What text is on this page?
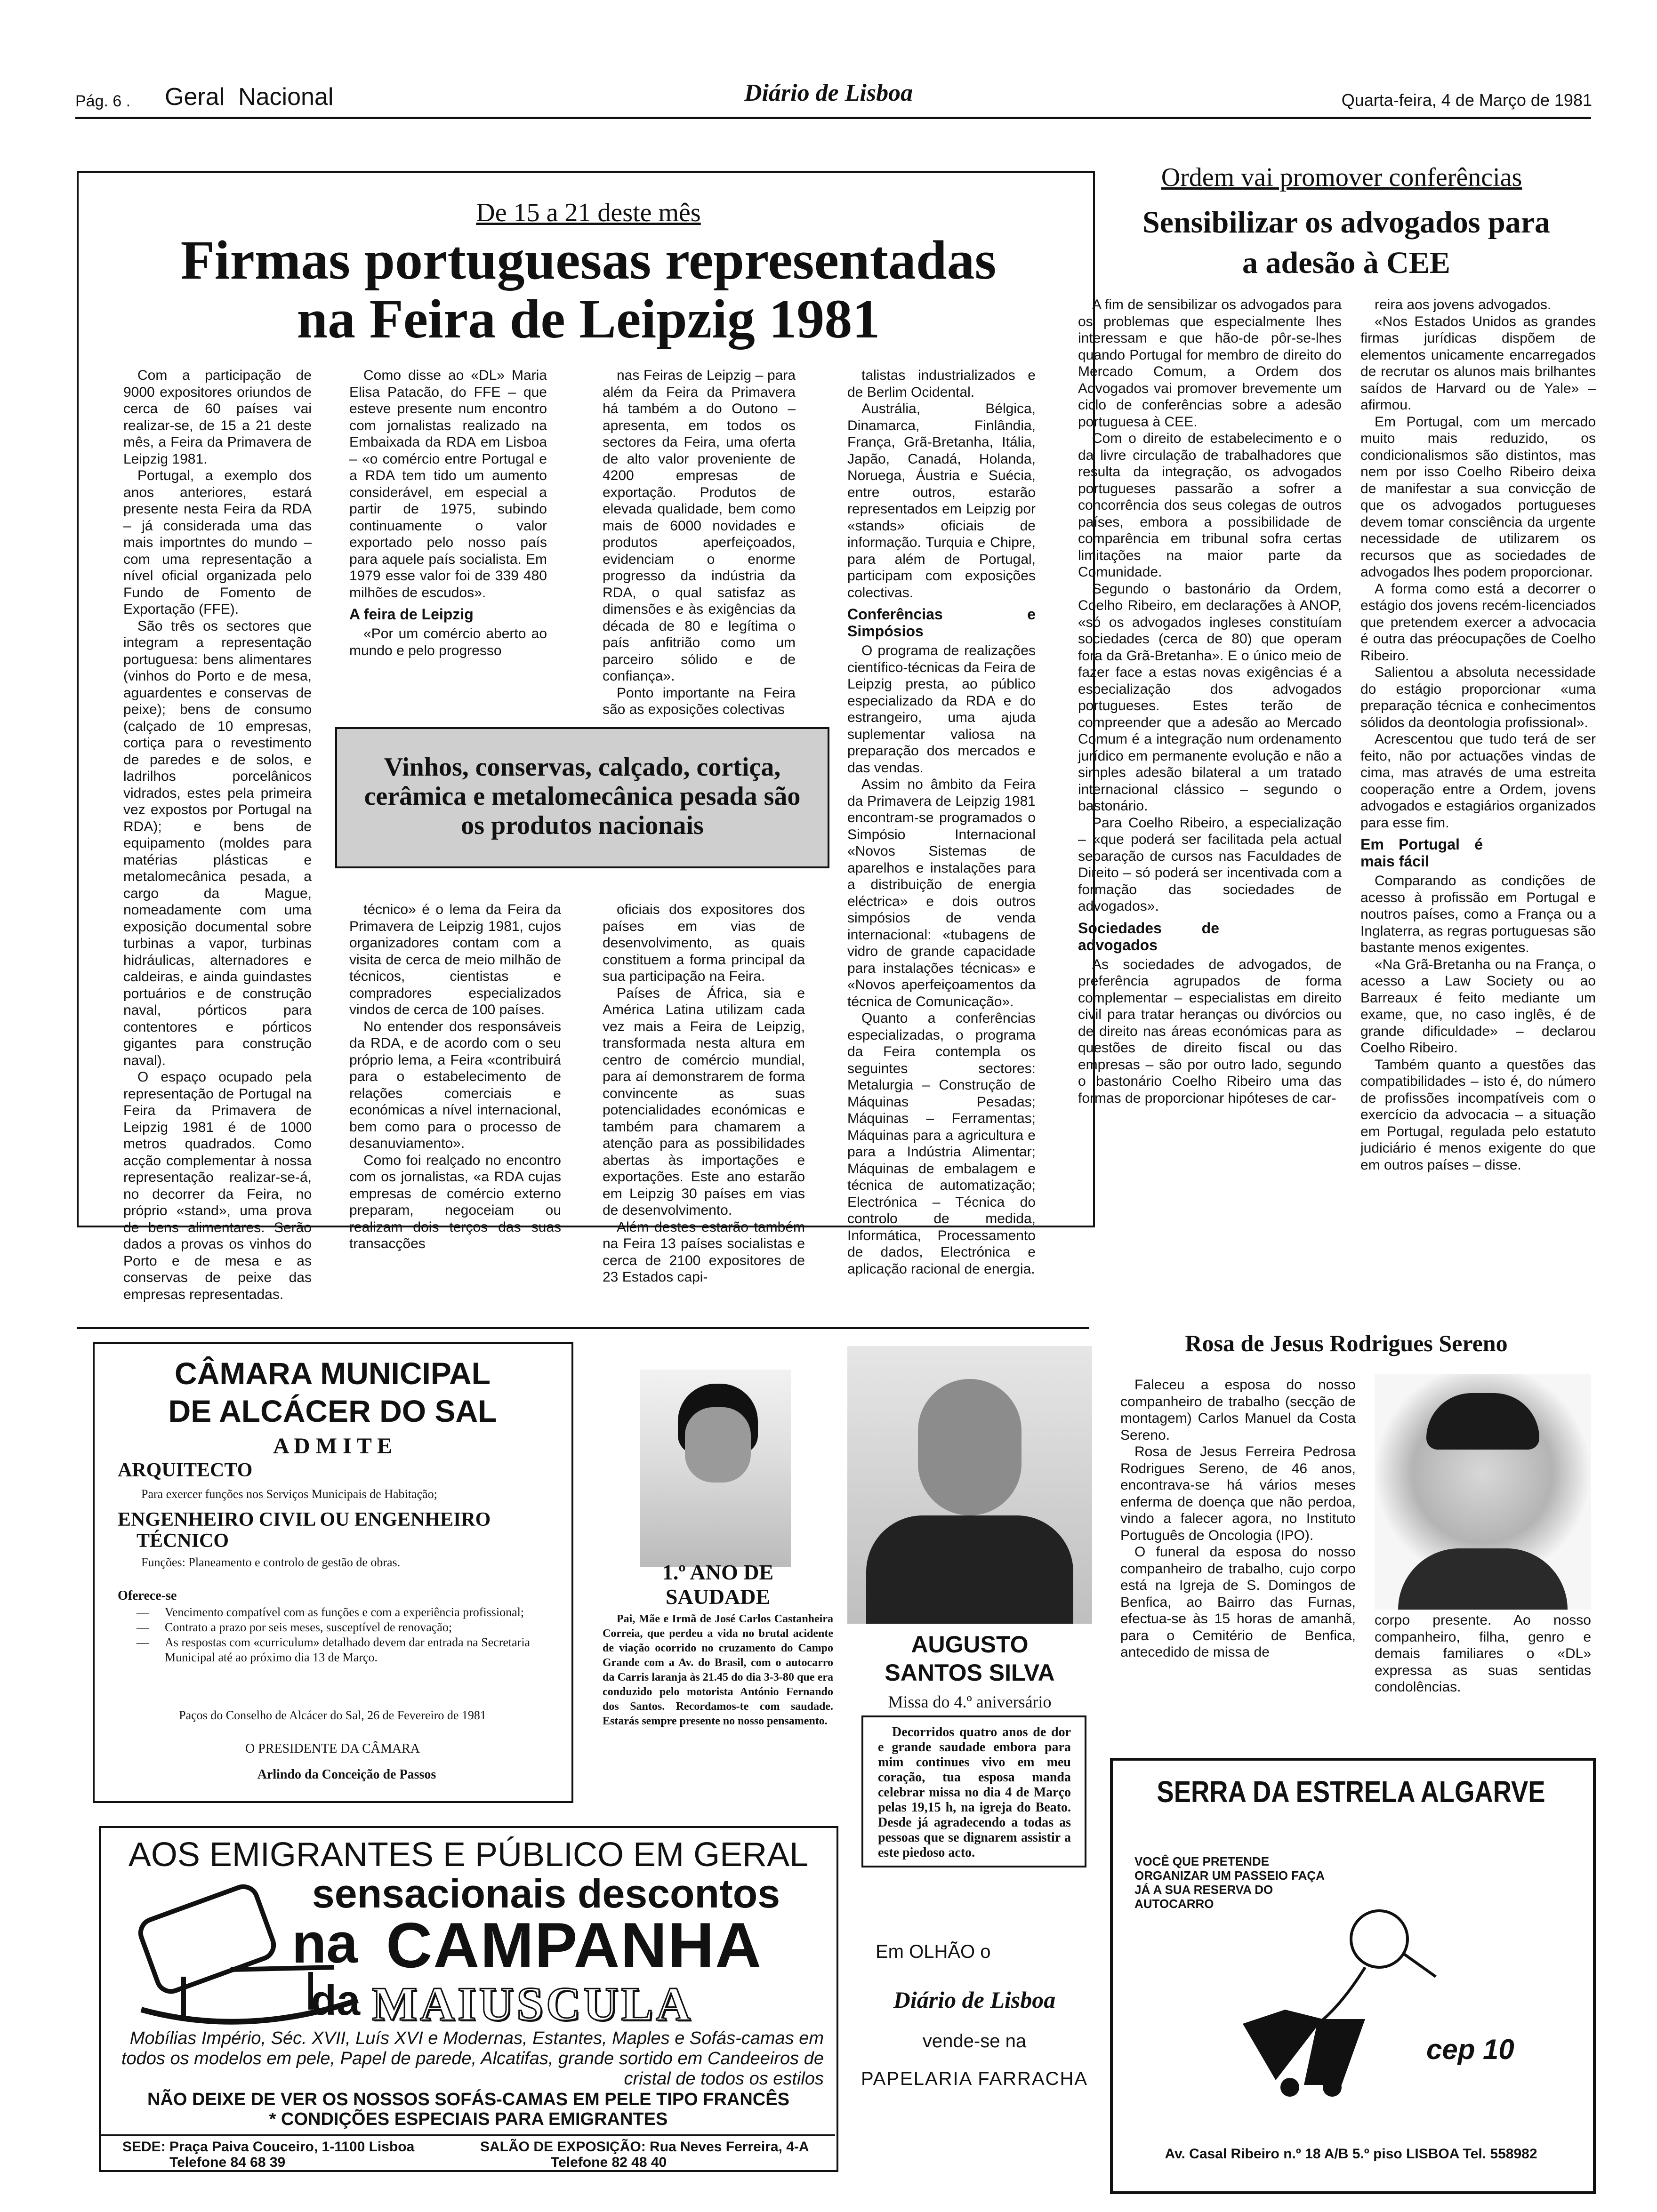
Pág. 6 . Geral  Nacional	Diário de Lisboa	Quarta-feira, 4 de Março de 1981
De 15 a 21 deste mês
Firmas portuguesas representadas
na Feira de Leipzig 1981

Com a participação de 9000 expositores oriundos de cerca de 60 países vai realizar-se, de 15 a 21 deste mês, a Feira da Primavera de Leipzig 1981.

Portugal, a exemplo dos anos anteriores, estará presente nesta Feira da RDA – já considerada uma das mais importntes do mundo – com uma representação a nível oficial organizada pelo Fundo de Fomento de Exportação (FFE).

São três os sectores que integram a representação portuguesa: bens alimentares (vinhos do Porto e de mesa, aguardentes e conservas de peixe); bens de consumo (calçado de 10 empresas, cortiça para o revestimento de paredes e de solos, e ladrilhos porcelânicos vidrados, estes pela primeira vez expostos por Portugal na RDA); e bens de equipamento (moldes para matérias plásticas e metalomecânica pesada, a cargo da Mague, nomeadamente com uma exposição documental sobre turbinas a vapor, turbinas hidráulicas, alternadores e caldeiras, e ainda guindastes portuários e de construção naval, pórticos para contentores e pórticos gigantes para construção naval).

O espaço ocupado pela representação de Portugal na Feira da Primavera de Leipzig 1981 é de 1000 metros quadrados. Como acção complementar à nossa representação realizar-se-á, no decorrer da Feira, no próprio «stand», uma prova de bens alimentares. Serão dados a provas os vinhos do Porto e de mesa e as conservas de peixe das empresas representadas.

Como disse ao «DL» Maria Elisa Patacão, do FFE – que esteve presente num encontro com jornalistas realizado na Embaixada da RDA em Lisboa – «o comércio entre Portugal e a RDA tem tido um aumento considerável, em especial a partir de 1975, subindo continuamente o valor exportado pelo nosso país para aquele país socialista. Em 1979 esse valor foi de 339 480 milhões de escudos».

A feira de Leipzig

«Por um comércio aberto ao mundo e pelo progresso

nas Feiras de Leipzig – para além da Feira da Primavera há também a do Outono – apresenta, em todos os sectores da Feira, uma oferta de alto valor proveniente de 4200 empresas de exportação. Produtos de elevada qualidade, bem como mais de 6000 novidades e produtos aperfeiçoados, evidenciam o enorme progresso da indústria da RDA, o qual satisfaz as dimensões e às exigências da década de 80 e legítima o país anfitrião como um parceiro sólido e de confiança».

Ponto importante na Feira são as exposições colectivas

talistas industrializados e de Berlim Ocidental.

Austrália, Bélgica, Dinamarca, Finlândia, França, Grã-Bretanha, Itália, Japão, Canadá, Holanda, Noruega, Áustria e Suécia, entre outros, estarão representados em Leipzig por «stands» oficiais de informação. Turquia e Chipre, para além de Portugal, participam com exposições colectivas.

Conferências e Simpósios

O programa de realizações científico-técnicas da Feira de Leipzig presta, ao público especializado da RDA e do estrangeiro, uma ajuda suplementar valiosa na preparação dos mercados e das vendas.

Assim no âmbito da Feira da Primavera de Leipzig 1981 encontram-se programados o Simpósio Internacional «Novos Sistemas de aparelhos e instalações para a distribuição de energia eléctrica» e dois outros simpósios de venda internacional: «tubagens de vidro de grande capacidade para instalações técnicas» e «Novos aperfeiçoamentos da técnica de Comunicação».

Quanto a conferências especializadas, o programa da Feira contempla os seguintes sectores: Metalurgia – Construção de Máquinas Pesadas; Máquinas – Ferramentas; Máquinas para a agricultura e para a Indústria Alimentar; Máquinas de embalagem e técnica de automatização; Electrónica – Técnica do controlo de medida, Informática, Processamento de dados, Electrónica e aplicação racional de energia.

Vinhos, conservas, calçado, cortiça, cerâmica e metalomecânica pesada são os produtos nacionais

técnico» é o lema da Feira da Primavera de Leipzig 1981, cujos organizadores contam com a visita de cerca de meio milhão de técnicos, cientistas e compradores especializados vindos de cerca de 100 países.

No entender dos responsáveis da RDA, e de acordo com o seu próprio lema, a Feira «contribuirá para o estabelecimento de relações comerciais e económicas a nível internacional, bem como para o processo de desanuviamento».

Como foi realçado no encontro com os jornalistas, «a RDA cujas empresas de comércio externo preparam, negoceiam ou realizam dois terços das suas transacções

oficiais dos expositores dos países em vias de desenvolvimento, as quais constituem a forma principal da sua participação na Feira.

Países de África, sia e América Latina utilizam cada vez mais a Feira de Leipzig, transformada nesta altura em centro de comércio mundial, para aí demonstrarem de forma convincente as suas potencialidades económicas e também para chamarem a atenção para as possibilidades abertas às importações e exportações. Este ano estarão em Leipzig 30 países em vias de desenvolvimento.

Além destes estarão também na Feira 13 países socialistas e cerca de 2100 expositores de 23 Estados capi-

Ordem vai promover conferências
Sensibilizar os advogados para a adesão à CEE

A fim de sensibilizar os advogados para os problemas que especialmente lhes interessam e que hão-de pôr-se-lhes quando Portugal for membro de direito do Mercado Comum, a Ordem dos Advogados vai promover brevemente um ciclo de conferências sobre a adesão portuguesa à CEE.

Com o direito de estabelecimento e o da livre circulação de trabalhadores que resulta da integração, os advogados portugueses passarão a sofrer a concorrência dos seus colegas de outros países, embora a possibilidade de comparência em tribunal sofra certas limitações na maior parte da Comunidade.

Segundo o bastonário da Ordem, Coelho Ribeiro, em declarações à ANOP, «só os advogados ingleses constituíam sociedades (cerca de 80) que operam fora da Grã-Bretanha». E o único meio de fazer face a estas novas exigências é a especialização dos advogados portugueses. Estes terão de compreender que a adesão ao Mercado Comum é a integração num ordenamento jurídico em permanente evolução e não a simples adesão bilateral a um tratado internacional clássico – segundo o bastonário.

Para Coelho Ribeiro, a especialização – «que poderá ser facilitada pela actual separação de cursos nas Faculdades de Direito – só poderá ser incentivada com a formação das sociedades de advogados».

Sociedades de advogados

As sociedades de advogados, de preferência agrupados de forma complementar – especialistas em direito civil para tratar heranças ou divórcios ou de direito nas áreas económicas para as questões de direito fiscal ou das empresas – são por outro lado, segundo o bastonário Coelho Ribeiro uma das formas de proporcionar hipóteses de car-

reira aos jovens advogados.

«Nos Estados Unidos as grandes firmas jurídicas dispõem de elementos unicamente encarregados de recrutar os alunos mais brilhantes saídos de Harvard ou de Yale» – afirmou.

Em Portugal, com um mercado muito mais reduzido, os condicionalismos são distintos, mas nem por isso Coelho Ribeiro deixa de manifestar a sua convicção de que os advogados portugueses devem tomar consciência da urgente necessidade de utilizarem os recursos que as sociedades de advogados lhes podem proporcionar.

A forma como está a decorrer o estágio dos jovens recém-licenciados que pretendem exercer a advocacia é outra das préocupações de Coelho Ribeiro.

Salientou a absoluta necessidade do estágio proporcionar «uma preparação técnica e conhecimentos sólidos da deontologia profissional».

Acrescentou que tudo terá de ser feito, não por actuações vindas de cima, mas através de uma estreita cooperação entre a Ordem, jovens advogados e estagiários organizados para esse fim.

Em Portugal é mais fácil

Comparando as condições de acesso à profissão em Portugal e noutros países, como a França ou a Inglaterra, as regras portuguesas são bastante menos exigentes.

«Na Grã-Bretanha ou na França, o acesso a Law Society ou ao Barreaux é feito mediante um exame, que, no caso inglês, é de grande dificuldade» – declarou Coelho Ribeiro.

Também quanto a questões das compatibilidades – isto é, do número de profissões incompatíveis com o exercício da advocacia – a situação em Portugal, regulada pelo estatuto judiciário é menos exigente do que em outros países – disse.

CÂMARA MUNICIPAL
DE ALCÁCER DO SAL
A D M I T E
ARQUITECTO
Para exercer funções nos Serviços Municipais de Habitação;
ENGENHEIRO CIVIL OU ENGENHEIRO
TÉCNICO
Funções: Planeamento e controlo de gestão de obras.
Oferece-se
— Vencimento compatível com as funções e com a experiência profissional;
— Contrato a prazo por seis meses, susceptível de renovação;
— As respostas com «curriculum» detalhado devem dar entrada na Secretaria Municipal até ao próximo dia 13 de Março.
Paços do Conselho de Alcácer do Sal, 26 de Fevereiro de 1981
O PRESIDENTE DA CÂMARA
Arlindo da Conceição de Passos
1.º ANO DE SAUDADE
Pai, Mãe e Irmã de José Carlos Castanheira Correia, que perdeu a vida no brutal acidente de viação ocorrido no cruzamento do Campo Grande com a Av. do Brasil, com o autocarro da Carris laranja às 21.45 do dia 3-3-80 que era conduzido pelo motorista António Fernando dos Santos. Recordamos-te com saudade. Estarás sempre presente no nosso pensamento.
AUGUSTO
SANTOS SILVA
Missa do 4.º aniversário
Decorridos quatro anos de dor e grande saudade embora para mim continues vivo em meu coração, tua esposa manda celebrar missa no dia 4 de Março pelas 19,15 h, na igreja do Beato. Desde já agradecendo a todas as pessoas que se dignarem assistir a este piedoso acto.
Em OLHÃO o
Diário de Lisboa
vende-se na
PAPELARIA FARRACHA
Rosa de Jesus Rodrigues Sereno

Faleceu a esposa do nosso companheiro de trabalho (secção de montagem) Carlos Manuel da Costa Sereno.

Rosa de Jesus Ferreira Pedrosa Rodrigues Sereno, de 46 anos, encontrava-se há vários meses enferma de doença que não perdoa, vindo a falecer agora, no Instituto Português de Oncologia (IPO).

O funeral da esposa do nosso companheiro de trabalho, cujo corpo está na Igreja de S. Domingos de Benfica, ao Bairro das Furnas, efectua-se às 15 horas de amanhã, para o Cemitério de Benfica, antecedido de missa de

corpo presente. Ao nosso companheiro, filha, genro e demais familiares o «DL» expressa as suas sentidas condolências.

AOS EMIGRANTES E PÚBLICO EM GERAL
sensacionais descontos
na CAMPANHA
da MAIUSCULA
Mobílias Império, Séc. XVII, Luís XVI e Modernas, Estantes, Maples e Sofás-camas em todos os modelos em pele, Papel de parede, Alcatifas, grande sortido em Candeeiros de cristal de todos os estilos
NÃO DEIXE DE VER OS NOSSOS SOFÁS-CAMAS EM PELE TIPO FRANCÊS
* CONDIÇÕES ESPECIAIS PARA EMIGRANTES
SEDE: Praça Paiva Couceiro, 1-1100 Lisboa
Telefone 84 68 39
SALÃO DE EXPOSIÇÃO: Rua Neves Ferreira, 4-A
Telefone 82 48 40
SERRA DA ESTRELA ALGARVE
VOCÊ QUE PRETENDE ORGANIZAR UM PASSEIO FAÇA JÁ A SUA RESERVA DO AUTOCARRO
cep 10
Av. Casal Ribeiro n.º 18 A/B 5.º piso LISBOA Tel. 558982
